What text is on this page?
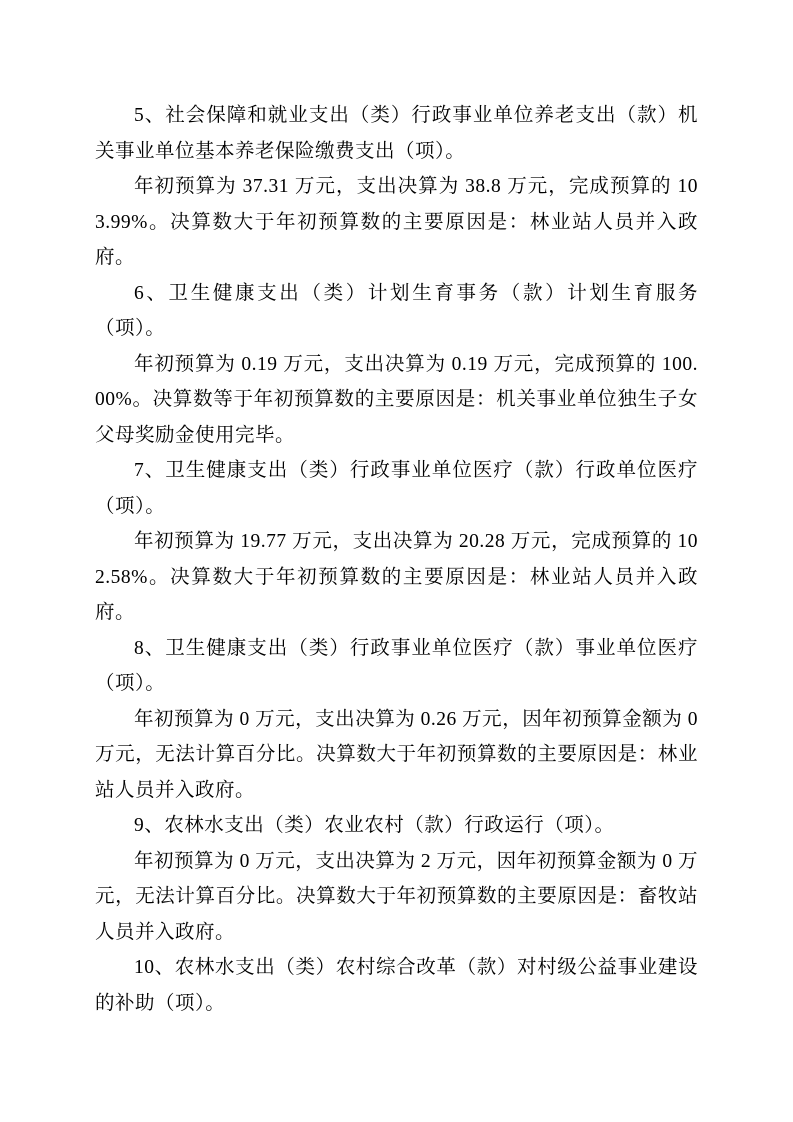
5、社会保障和就业支出（类）行政事业单位养老支出（款）机关事业单位基本养老保险缴费支出（项）。

年初预算为 37.31 万元，支出决算为 38.8 万元，完成预算的 103.99%。决算数大于年初预算数的主要原因是：林业站人员并入政府。

6、卫生健康支出（类）计划生育事务（款）计划生育服务（项）。

年初预算为 0.19 万元，支出决算为 0.19 万元，完成预算的 100.00%。决算数等于年初预算数的主要原因是：机关事业单位独生子女父母奖励金使用完毕。

7、卫生健康支出（类）行政事业单位医疗（款）行政单位医疗（项）。

年初预算为 19.77 万元，支出决算为 20.28 万元，完成预算的 102.58%。决算数大于年初预算数的主要原因是：林业站人员并入政府。

8、卫生健康支出（类）行政事业单位医疗（款）事业单位医疗（项）。

年初预算为 0 万元，支出决算为 0.26 万元，因年初预算金额为 0 万元，无法计算百分比。决算数大于年初预算数的主要原因是：林业站人员并入政府。

9、农林水支出（类）农业农村（款）行政运行（项）。

年初预算为 0 万元，支出决算为 2 万元，因年初预算金额为 0 万元，无法计算百分比。决算数大于年初预算数的主要原因是：畜牧站人员并入政府。

10、农林水支出（类）农村综合改革（款）对村级公益事业建设的补助（项）。
